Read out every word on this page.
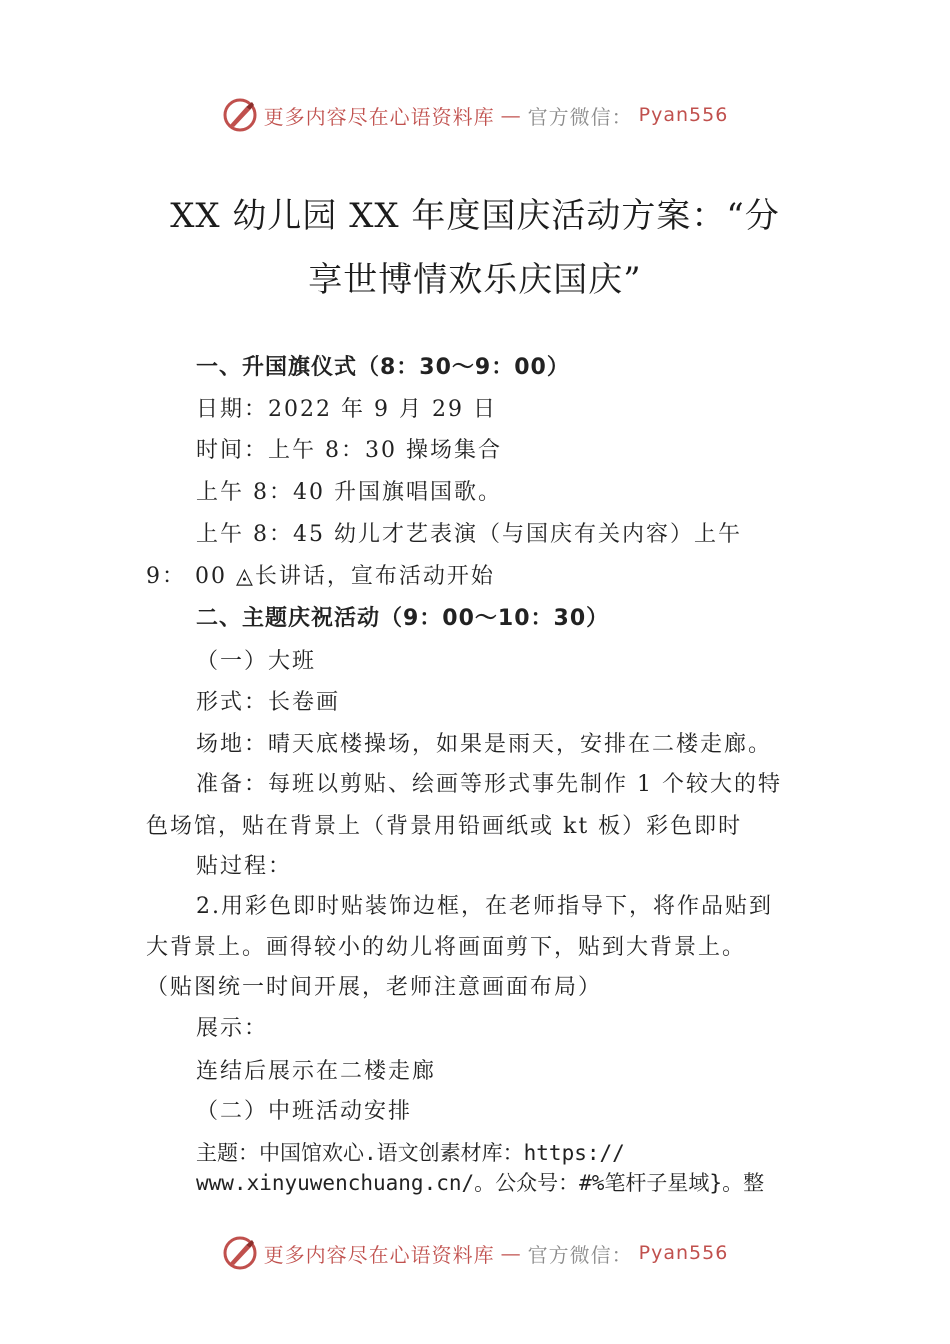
更多内容尽在心语资料库 — 官方微信： Pyan556
XX 幼儿园 XX 年度国庆活动方案：“分
享世博情欢乐庆国庆”
一、升国旗仪式（8：30～9：00）
日期：2022 年 9 月 29 日
时间：上午 8：30 操场集合
上午 8：40 升国旗唱国歌。
上午 8：45 幼儿才艺表演（与国庆有关内容）上午
9： 00 ◬长讲话，宣布活动开始
二、主题庆祝活动（9：00～10：30）
（一）大班
形式：长卷画
场地：晴天底楼操场，如果是雨天，安排在二楼走廊。
准备：每班以剪贴、绘画等形式事先制作 1 个较大的特
色场馆，贴在背景上（背景用铅画纸或 kt 板）彩色即时
贴过程：
2.用彩色即时贴装饰边框，在老师指导下，将作品贴到
大背景上。画得较小的幼儿将画面剪下，贴到大背景上。
（贴图统一时间开展，老师注意画面布局）
展示：
连结后展示在二楼走廊
（二）中班活动安排
主题：中国馆欢心.语文创素材库：https://
www.xinyuwenchuang.cn/。公众号：#%笔杆子星域}。整
更多内容尽在心语资料库 — 官方微信： Pyan556
